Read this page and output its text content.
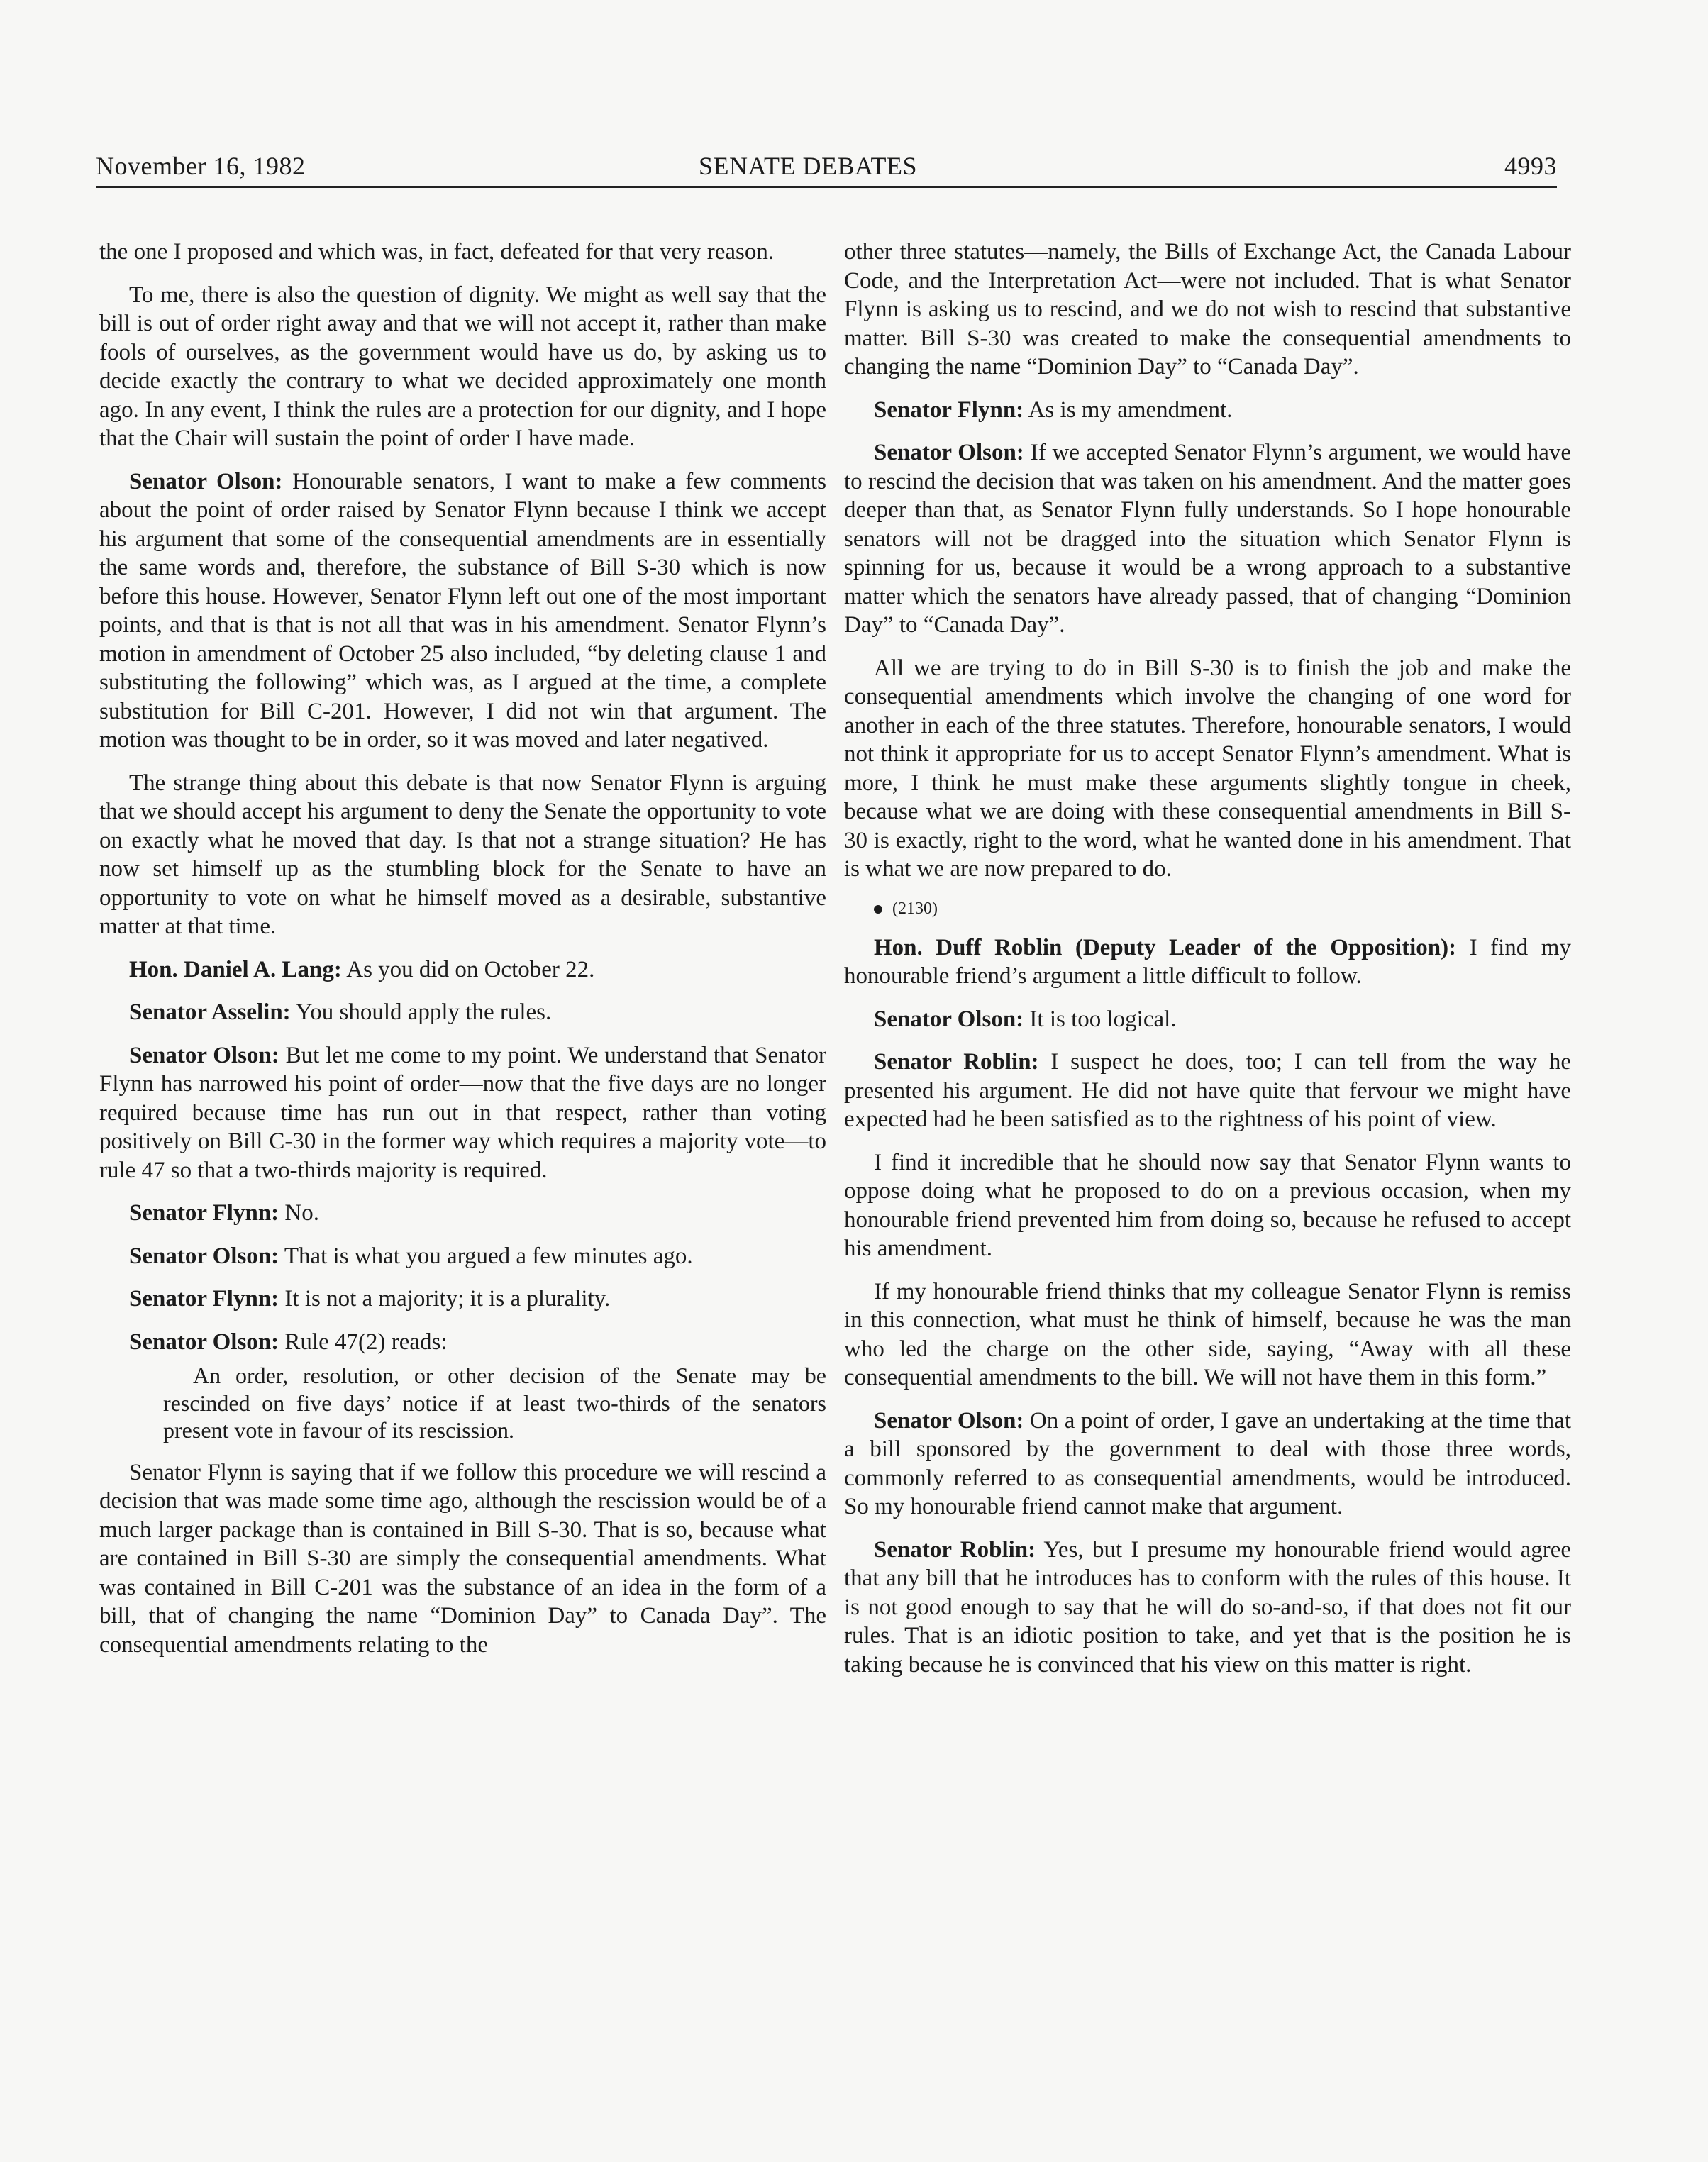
November 16, 1982	SENATE DEBATES	4993

the one I proposed and which was, in fact, defeated for that very reason.

To me, there is also the question of dignity. We might as well say that the bill is out of order right away and that we will not accept it, rather than make fools of ourselves, as the government would have us do, by asking us to decide exactly the contrary to what we decided approximately one month ago. In any event, I think the rules are a protection for our dignity, and I hope that the Chair will sustain the point of order I have made.

Senator Olson: Honourable senators, I want to make a few comments about the point of order raised by Senator Flynn because I think we accept his argument that some of the consequential amendments are in essentially the same words and, therefore, the substance of Bill S-30 which is now before this house. However, Senator Flynn left out one of the most important points, and that is that is not all that was in his amendment. Senator Flynn’s motion in amendment of October 25 also included, “by deleting clause 1 and substituting the following” which was, as I argued at the time, a complete substitution for Bill C-201. However, I did not win that argument. The motion was thought to be in order, so it was moved and later negatived.

The strange thing about this debate is that now Senator Flynn is arguing that we should accept his argument to deny the Senate the opportunity to vote on exactly what he moved that day. Is that not a strange situation? He has now set himself up as the stumbling block for the Senate to have an opportunity to vote on what he himself moved as a desirable, substantive matter at that time.

Hon. Daniel A. Lang: As you did on October 22.

Senator Asselin: You should apply the rules.

Senator Olson: But let me come to my point. We understand that Senator Flynn has narrowed his point of order—now that the five days are no longer required because time has run out in that respect, rather than voting positively on Bill C-30 in the former way which requires a majority vote—to rule 47 so that a two-thirds majority is required.

Senator Flynn: No.

Senator Olson: That is what you argued a few minutes ago.

Senator Flynn: It is not a majority; it is a plurality.

Senator Olson: Rule 47(2) reads:

An order, resolution, or other decision of the Senate may be rescinded on five days’ notice if at least two-thirds of the senators present vote in favour of its rescission.

Senator Flynn is saying that if we follow this procedure we will rescind a decision that was made some time ago, although the rescission would be of a much larger package than is contained in Bill S-30. That is so, because what are contained in Bill S-30 are simply the consequential amendments. What was contained in Bill C-201 was the substance of an idea in the form of a bill, that of changing the name “Dominion Day” to Canada Day”. The consequential amendments relating to the

other three statutes—namely, the Bills of Exchange Act, the Canada Labour Code, and the Interpretation Act—were not included. That is what Senator Flynn is asking us to rescind, and we do not wish to rescind that substantive matter. Bill S-30 was created to make the consequential amendments to changing the name “Dominion Day” to “Canada Day”.

Senator Flynn: As is my amendment.

Senator Olson: If we accepted Senator Flynn’s argument, we would have to rescind the decision that was taken on his amendment. And the matter goes deeper than that, as Senator Flynn fully understands. So I hope honourable senators will not be dragged into the situation which Senator Flynn is spinning for us, because it would be a wrong approach to a substantive matter which the senators have already passed, that of changing “Dominion Day” to “Canada Day”.

All we are trying to do in Bill S-30 is to finish the job and make the consequential amendments which involve the changing of one word for another in each of the three statutes. Therefore, honourable senators, I would not think it appropriate for us to accept Senator Flynn’s amendment. What is more, I think he must make these arguments slightly tongue in cheek, because what we are doing with these consequential amendments in Bill S-30 is exactly, right to the word, what he wanted done in his amendment. That is what we are now prepared to do.

(2130)

Hon. Duff Roblin (Deputy Leader of the Opposition): I find my honourable friend’s argument a little difficult to follow.

Senator Olson: It is too logical.

Senator Roblin: I suspect he does, too; I can tell from the way he presented his argument. He did not have quite that fervour we might have expected had he been satisfied as to the rightness of his point of view.

I find it incredible that he should now say that Senator Flynn wants to oppose doing what he proposed to do on a previous occasion, when my honourable friend prevented him from doing so, because he refused to accept his amendment.

If my honourable friend thinks that my colleague Senator Flynn is remiss in this connection, what must he think of himself, because he was the man who led the charge on the other side, saying, “Away with all these consequential amendments to the bill. We will not have them in this form.”

Senator Olson: On a point of order, I gave an undertaking at the time that a bill sponsored by the government to deal with those three words, commonly referred to as consequential amendments, would be introduced. So my honourable friend cannot make that argument.

Senator Roblin: Yes, but I presume my honourable friend would agree that any bill that he introduces has to conform with the rules of this house. It is not good enough to say that he will do so-and-so, if that does not fit our rules. That is an idiotic position to take, and yet that is the position he is taking because he is convinced that his view on this matter is right.
